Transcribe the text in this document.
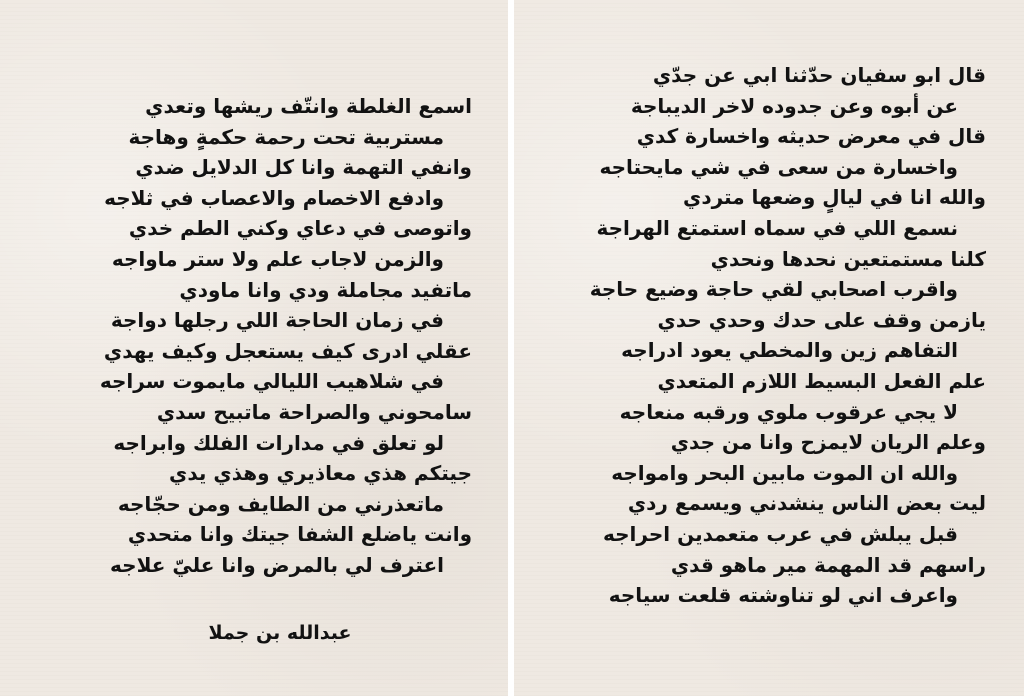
اسمع الغلطة وانتّف ريشها وتعدي
مستربية تحت رحمة حكمةٍ وهاجة
وانفي التهمة وانا كل الدلايل ضدي
وادفع الاخصام والاعصاب في ثلاجه
واتوصى في دعاي وكني الطم خدي
والزمن لاجاب علم ولا ستر ماواجه
ماتفيد مجاملة ودي وانا ماودي
في زمان الحاجة اللي رجلها دواجة
عقلي ادرى كيف يستعجل وكيف يهدي
في شلاهيب الليالي مايموت سراجه
سامحوني والصراحة ماتبيح سدي
لو تعلق في مدارات الفلك وابراجه
جيتكم هذي معاذيري وهذي يدي
ماتعذرني من الطايف ومن حجّاجه
وانت ياضلع الشفا جيتك وانا متحدي
اعترف لي بالمرض وانا عليّ علاجه
عبدالله بن جملا
قال ابو سفيان حدّثنا ابي عن جدّي
عن أبوه وعن جدوده لاخر الديباجة
قال في معرض حديثه واخسارة كدي
واخسارة من سعى في شي مايحتاجه
والله انا في ليالٍ وضعها متردي
نسمع اللي في سماه استمتع الهراجة
كلنا مستمتعين نحدها ونحدي
واقرب اصحابي لقي حاجة وضيع حاجة
يازمن وقف على حدك وحدي حدي
التفاهم زين والمخطي يعود ادراجه
علم الفعل البسيط اللازم المتعدي
لا يجي عرقوب ملوي ورقبه منعاجه
وعلم الريان لايمزح وانا من جدي
والله ان الموت مابين البحر وامواجه
ليت بعض الناس ينشدني ويسمع ردي
قبل يبلش في عرب متعمدين احراجه
راسهم قد المهمة مير ماهو قدي
واعرف اني لو تناوشته قلعت سياجه
